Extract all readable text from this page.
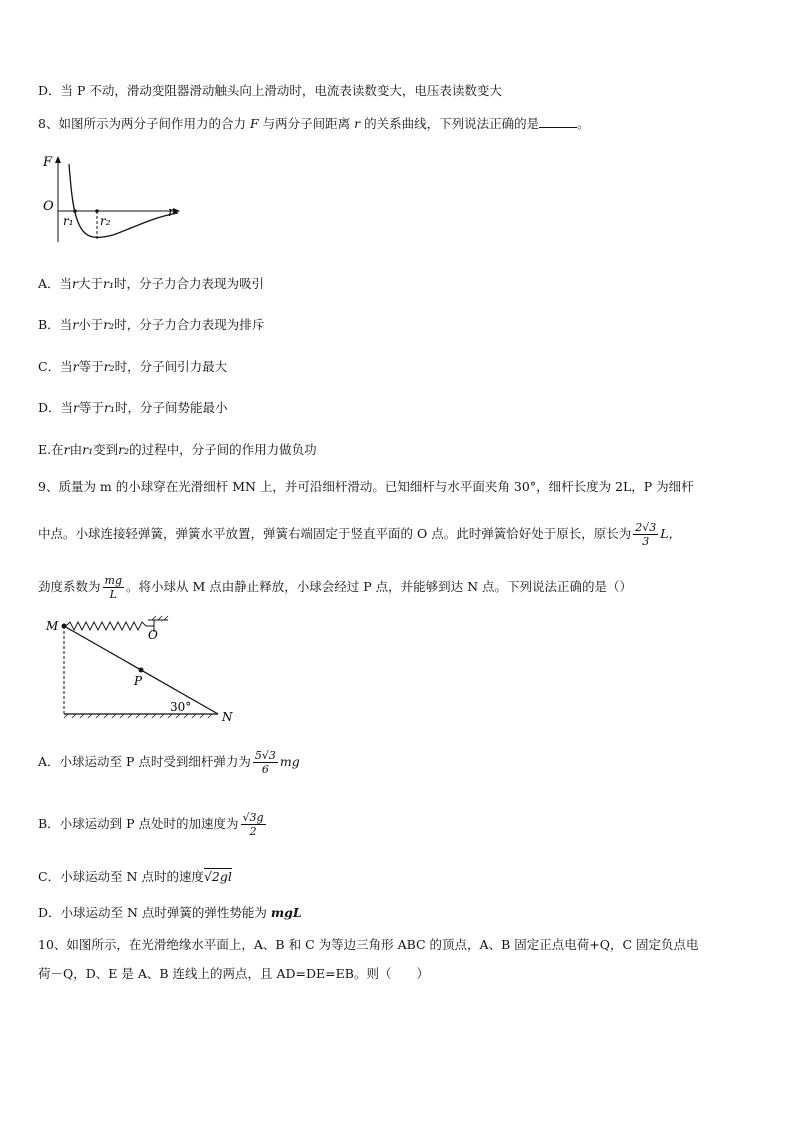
D．当 P 不动，滑动变阻器滑动触头向上滑动时，电流表读数变大，电压表读数变大
8、如图所示为两分子间作用力的合力 F 与两分子间距离 r 的关系曲线，下列说法正确的是	。
F
O
r₁ r₂
r
A．当r大于r₁时，分子力合力表现为吸引
B．当r小于r₂时，分子力合力表现为排斥
C．当r等于r₂时，分子间引力最大
D．当r等于r₁时，分子间势能最小
E.在r由r₁变到r₂的过程中，分子间的作用力做负功
9、质量为 m 的小球穿在光滑细杆 MN 上，并可沿细杆滑动。已知细杆与水平面夹角 30°，细杆长度为 2L，P 为细杆
中点。小球连接轻弹簧，弹簧水平放置，弹簧右端固定于竖直平面的 O 点。此时弹簧恰好处于原长，原长为 $\frac{2√3}{3}$ L，
劲度系数为 $\frac{mg}{L}$ 。将小球从 M 点由静止释放，小球会经过 P 点，并能够到达 N 点。下列说法正确的是（）
M
O
P
30°
N
A．小球运动至 P 点时受到细杆弹力为 $\frac{5√3}{6}$ mg
B．小球运动到 P 点处时的加速度为 $\frac{√3g}{2}$
C．小球运动至 N 点时的速度√2gl
D．小球运动至 N 点时弹簧的弹性势能为 mgL
10、如图所示，在光滑绝缘水平面上，A、B 和 C 为等边三角形 ABC 的顶点，A、B 固定正点电荷+Q，C 固定负点电
荷－Q，D、E 是 A、B 连线上的两点，且 AD=DE=EB。则（　　）
